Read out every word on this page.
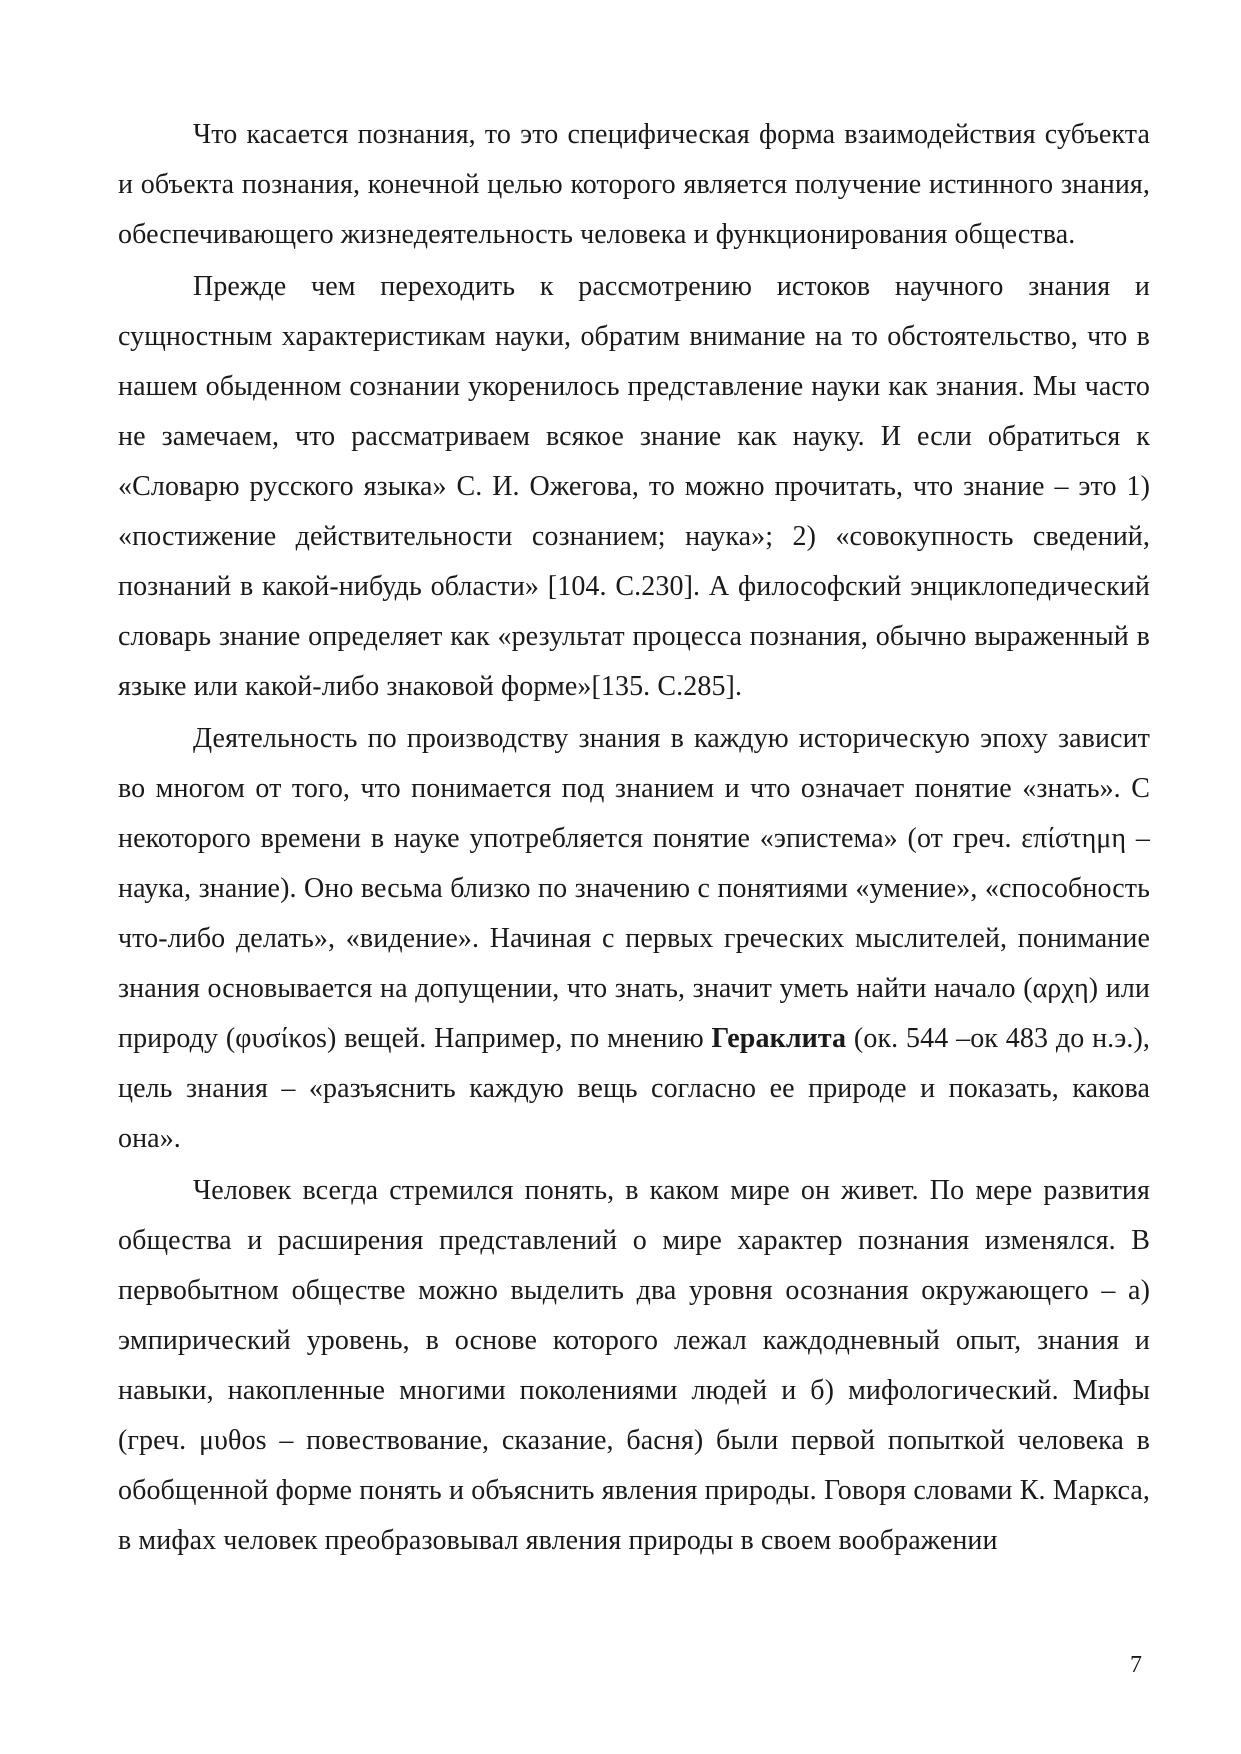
Что касается познания, то это специфическая форма взаимодействия субъекта и объекта познания, конечной целью которого является получение истинного знания, обеспечивающего жизнедеятельность человека и функционирования общества.

Прежде чем переходить к рассмотрению истоков научного знания и сущностным характеристикам науки, обратим внимание на то обстоятельство, что в нашем обыденном сознании укоренилось представление науки как знания. Мы часто не замечаем, что рассматриваем всякое знание как науку. И если обратиться к «Словарю русского языка» С. И. Ожегова, то можно прочитать, что знание – это 1) «постижение действительности сознанием; наука»; 2) «совокупность сведений, познаний в какой-нибудь области» [104. С.230]. А философский энциклопедический словарь знание определяет как «результат процесса познания, обычно выраженный в языке или какой-либо знаковой форме»[135. С.285].

Деятельность по производству знания в каждую историческую эпоху зависит во многом от того, что понимается под знанием и что означает понятие «знать». С некоторого времени в науке употребляется понятие «эпистема» (от греч. επίστημη – наука, знание). Оно весьма близко по значению с понятиями «умение», «способность что-либо делать», «видение». Начиная с первых греческих мыслителей, понимание знания основывается на допущении, что знать, значит уметь найти начало (αρχη) или природу (φυσίκοs) вещей. Например, по мнению Гераклита (ок. 544 –ок 483 до н.э.), цель знания – «разъяснить каждую вещь согласно ее природе и показать, какова она».

Человек всегда стремился понять, в каком мире он живет. По мере развития общества и расширения представлений о мире характер познания изменялся. В первобытном обществе можно выделить два уровня осознания окружающего – а) эмпирический уровень, в основе которого лежал каждодневный опыт, знания и навыки, накопленные многими поколениями людей и б) мифологический. Мифы (греч. μυθos – повествование, сказание, басня) были первой попыткой человека в обобщенной форме понять и объяснить явления природы. Говоря словами К. Маркса, в мифах человек преобразовывал явления природы в своем воображении

7
